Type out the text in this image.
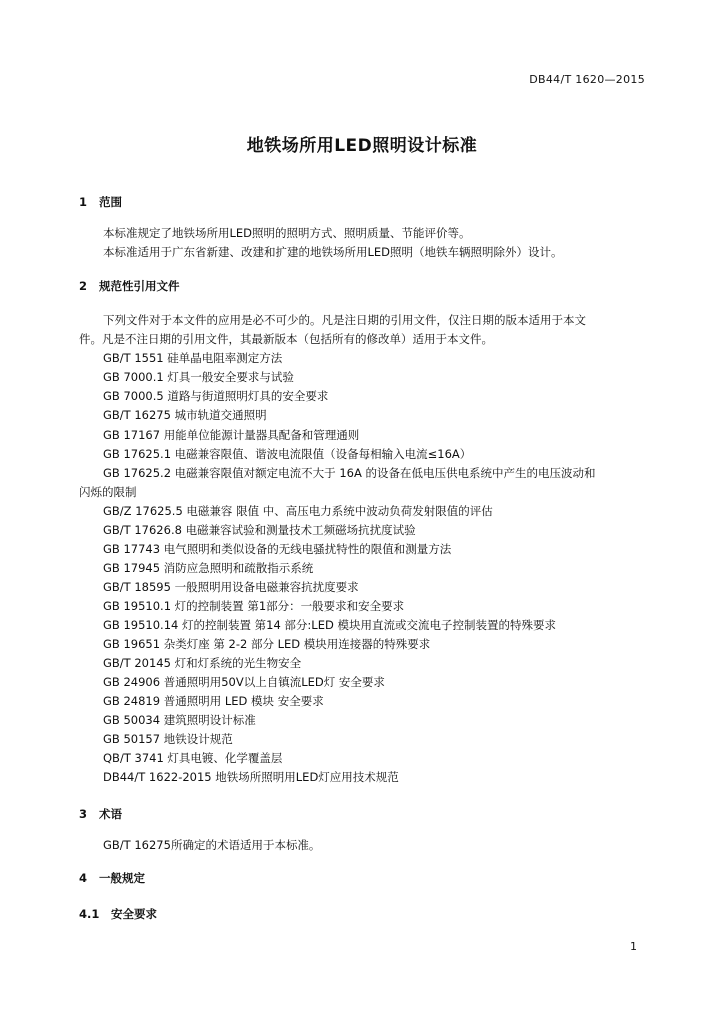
DB44/T 1620—2015
地铁场所用LED照明设计标准
1 范围
本标准规定了地铁场所用LED照明的照明方式、照明质量、节能评价等。
本标准适用于广东省新建、改建和扩建的地铁场所用LED照明（地铁车辆照明除外）设计。
2 规范性引用文件
下列文件对于本文件的应用是必不可少的。凡是注日期的引用文件，仅注日期的版本适用于本文
件。凡是不注日期的引用文件，其最新版本（包括所有的修改单）适用于本文件。
GB/T 1551 硅单晶电阻率测定方法
GB 7000.1 灯具一般安全要求与试验
GB 7000.5 道路与街道照明灯具的安全要求
GB/T 16275 城市轨道交通照明
GB 17167 用能单位能源计量器具配备和管理通则
GB 17625.1 电磁兼容限值、谐波电流限值（设备每相输入电流≤16A）
GB 17625.2 电磁兼容限值对额定电流不大于 16A 的设备在低电压供电系统中产生的电压波动和
闪烁的限制
GB/Z 17625.5 电磁兼容 限值 中、高压电力系统中波动负荷发射限值的评估
GB/T 17626.8 电磁兼容试验和测量技术工频磁场抗扰度试验
GB 17743 电气照明和类似设备的无线电骚扰特性的限值和测量方法
GB 17945 消防应急照明和疏散指示系统
GB/T 18595 一般照明用设备电磁兼容抗扰度要求
GB 19510.1 灯的控制装置 第1部分：一般要求和安全要求
GB 19510.14 灯的控制装置 第14 部分:LED 模块用直流或交流电子控制装置的特殊要求
GB 19651 杂类灯座 第 2-2 部分 LED 模块用连接器的特殊要求
GB/T 20145 灯和灯系统的光生物安全
GB 24906 普通照明用50V以上自镇流LED灯 安全要求
GB 24819 普通照明用 LED 模块 安全要求
GB 50034 建筑照明设计标准
GB 50157 地铁设计规范
QB/T 3741 灯具电镀、化学覆盖层
DB44/T 1622-2015 地铁场所照明用LED灯应用技术规范
3 术语
GB/T 16275所确定的术语适用于本标准。
4 一般规定
4.1 安全要求
1
